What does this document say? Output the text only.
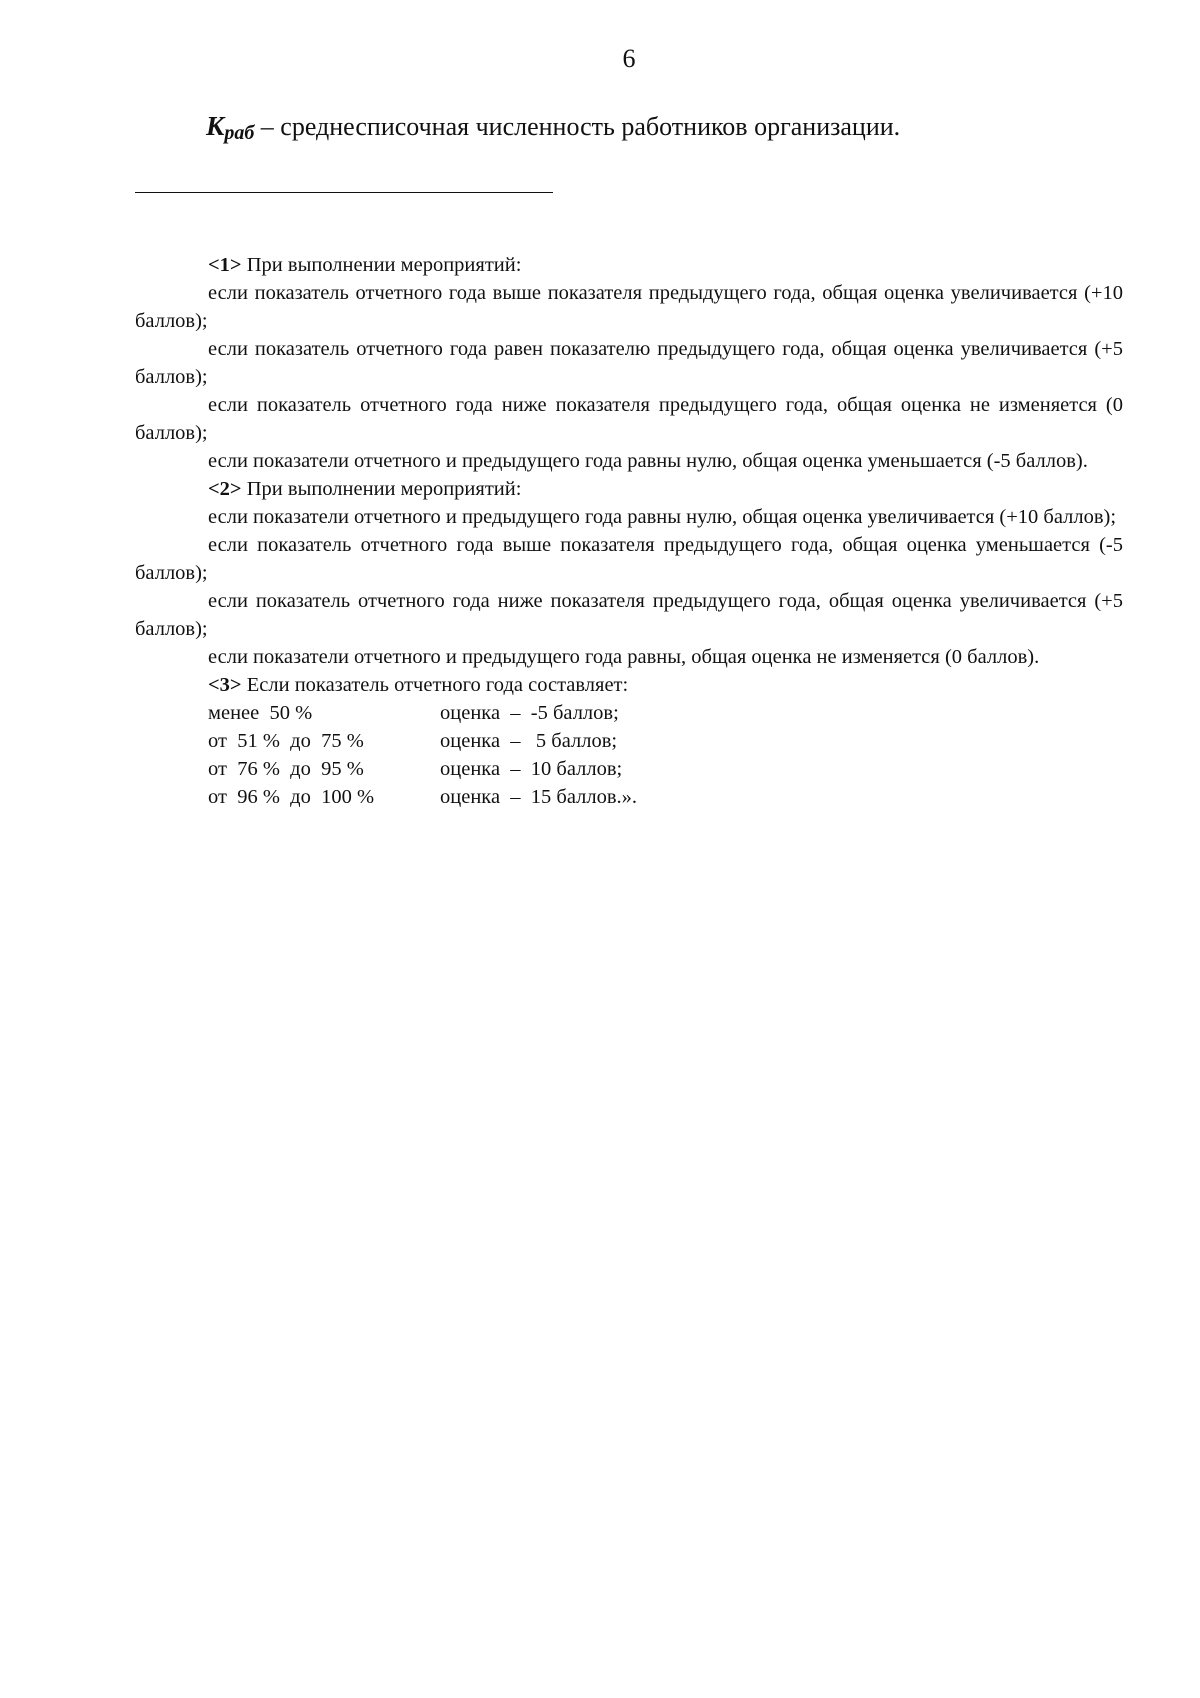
6
$К_{раб}$ – среднесписочная численность работников организации.

<1> При выполнении мероприятий:

если показатель отчетного года выше показателя предыдущего года, общая оценка увеличивается (+10 баллов);

если показатель отчетного года равен показателю предыдущего года, общая оценка увеличивается (+5 баллов);

если показатель отчетного года ниже показателя предыдущего года, общая оценка не изменяется (0 баллов);

если показатели отчетного и предыдущего года равны нулю, общая оценка уменьшается (-5 баллов).

<2> При выполнении мероприятий:

если показатели отчетного и предыдущего года равны нулю, общая оценка увеличивается (+10 баллов);

если показатель отчетного года выше показателя предыдущего года, общая оценка уменьшается (-5 баллов);

если показатель отчетного года ниже показателя предыдущего года, общая оценка увеличивается (+5 баллов);

если показатели отчетного и предыдущего года равны, общая оценка не изменяется (0 баллов).

<3> Если показатель отчетного года составляет:

менее  50 %	оценка  –  -5 баллов;
от  51 %  до  75 %	оценка  –   5 баллов;
от  76 %  до  95 %	оценка  –  10 баллов;
от  96 %  до  100 %	оценка  –  15 баллов.».
